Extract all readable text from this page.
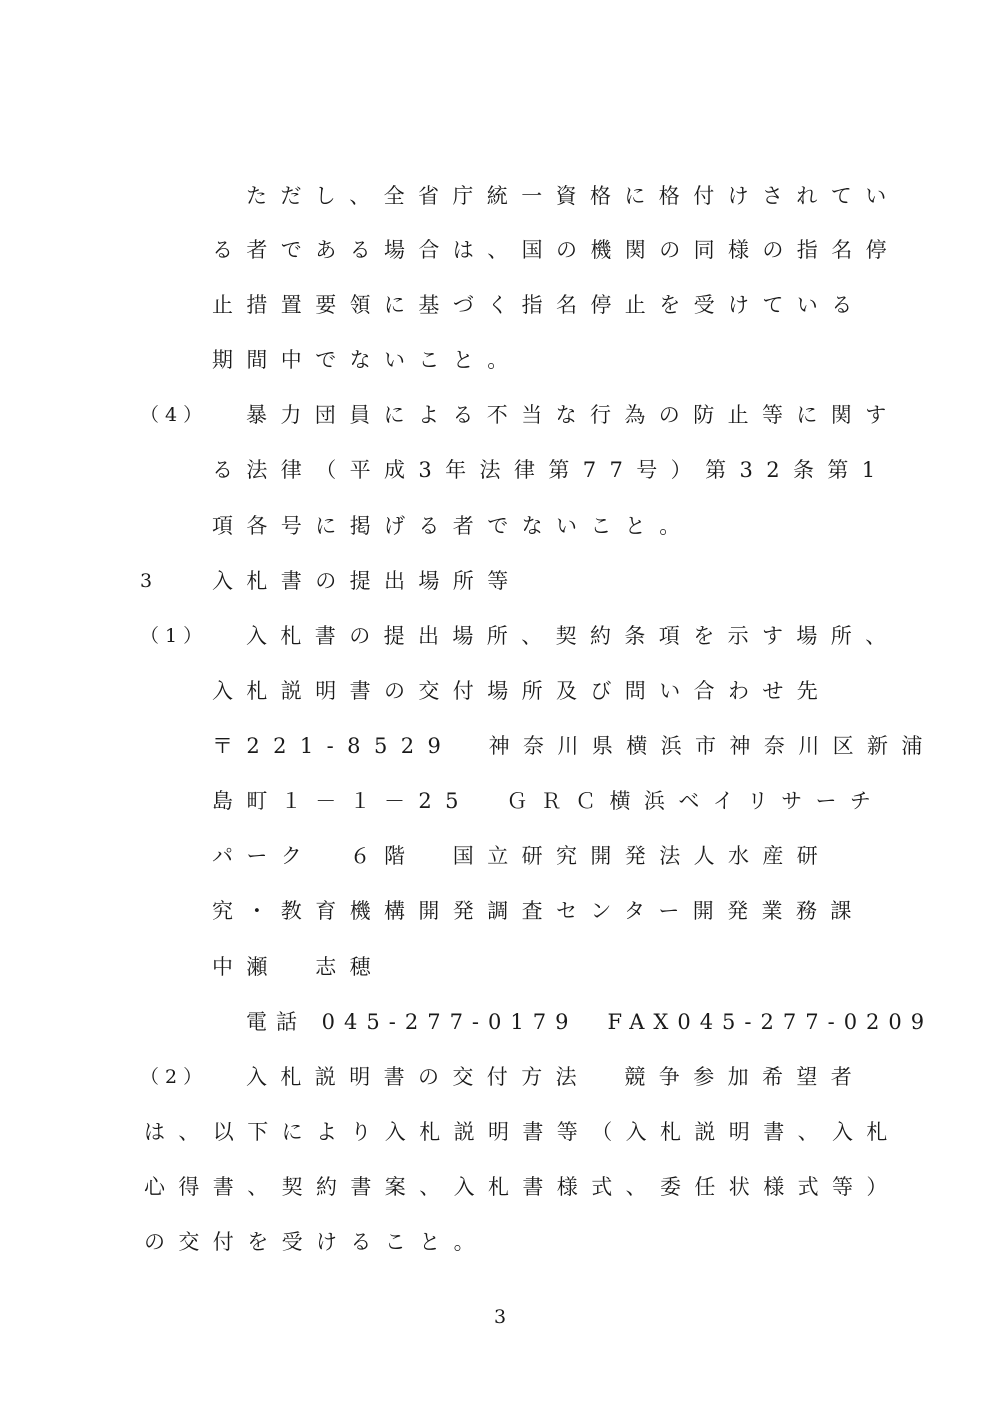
ただし、全省庁統一資格に格付けされてい
る者である場合は、国の機関の同様の指名停
止措置要領に基づく指名停止を受けている
期間中でないこと。
（4） 暴力団員による不当な行為の防止等に関す
る法律（平成3年法律第77号）第32条第1
項各号に掲げる者でないこと。
3	入札書の提出場所等
（1） 入札書の提出場所、契約条項を示す場所、
入札説明書の交付場所及び問い合わせ先
〒221-8529　神奈川県横浜市神奈川区新浦
島町１－１－25　ＧＲＣ横浜ベイリサーチ
パーク　６階　国立研究開発法人水産研
究・教育機構開発調査センター開発業務課
中瀬　志穂
電話 045-277-0179　FAX045-277-0209
（2） 入札説明書の交付方法　競争参加希望者
は、以下により入札説明書等（入札説明書、入札
心得書、契約書案、入札書様式、委任状様式等）
の交付を受けること。
3
